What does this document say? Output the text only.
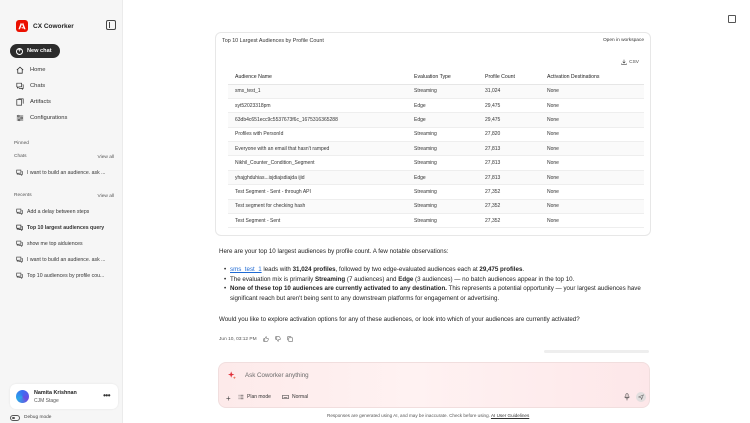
CX Coworker
+	New chat
Home
Chats
Artifacts
Configurations
Pinned
Chats	View all
I want to build an audience. ask ...
Recents	View all
Add a delay between steps
Top 10 largest audiences query
show me top aiduiences
I want to build an audience. ask ...
Top 10 audiences by profile cou...
Namita Krishnan
CJM Stage
•••
Debug mode
Top 10 Largest Audiences by Profile Count	Open in workspace
CSV
Audience Name	Evaluation Type	Profile Count	Activation Destinations
sms_test_1	Streaming	31,024	None
syt52023318pm	Edge	29,475	None
63db4c651ecc9c5537673f6c_1675316365288	Edge	29,475	None
Profiles with PersonId	Streaming	27,820	None
Everyone with an email that hasn't ramped	Streaming	27,813	None
Nikhil_Counter_Condition_Segment	Streaming	27,813	None
yhajghduhias...isjdiajsdiajda ijid	Edge	27,813	None
Test Segment - Sent - through API	Streaming	27,352	None
Test segment for checking hash	Streaming	27,352	None
Test Segment - Sent	Streaming	27,352	None
Here are your top 10 largest audiences by profile count. A few notable observations:
• sms_test_1 leads with 31,024 profiles, followed by two edge-evaluated audiences each at 29,475 profiles.
• The evaluation mix is primarily Streaming (7 audiences) and Edge (3 audiences) — no batch audiences appear in the top 10.
• None of these top 10 audiences are currently activated to any destination. This represents a potential opportunity — your largest audiences have significant reach but aren't being sent to any downstream platforms for engagement or advertising.
Would you like to explore activation options for any of these audiences, or look into which of your audiences are currently activated?
Jun 10, 03:12 PM
Ask Coworker anything
+	Plan mode	Normal
Responses are generated using AI, and may be inaccurate. Check before using. AI User Guidelines
